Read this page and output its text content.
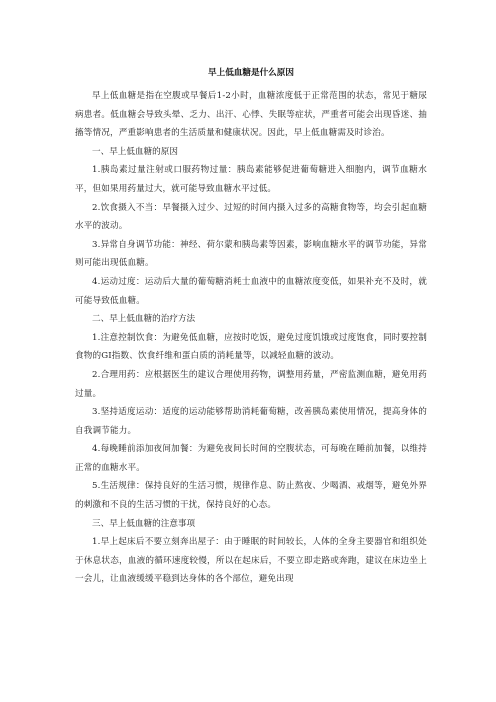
早上低血糖是什么原因

早上低血糖是指在空腹或早餐后1-2小时，血糖浓度低于正常范围的状态，常见于糖尿病患者。低血糖会导致头晕、乏力、出汗、心悸、失眠等症状，严重者可能会出现昏迷、抽搐等情况，严重影响患者的生活质量和健康状况。因此，早上低血糖需及时诊治。

一、早上低血糖的原因

1.胰岛素过量注射或口服药物过量：胰岛素能够促进葡萄糖进入细胞内，调节血糖水平，但如果用药量过大，就可能导致血糖水平过低。

2.饮食摄入不当：早餐摄入过少、过短的时间内摄入过多的高糖食物等，均会引起血糖水平的波动。

3.异常自身调节功能：神经、荷尔蒙和胰岛素等因素，影响血糖水平的调节功能，异常则可能出现低血糖。

4.运动过度：运动后大量的葡萄糖消耗士血液中的血糖浓度变低，如果补充不及时，就可能导致低血糖。

二、早上低血糖的治疗方法

1.注意控制饮食：为避免低血糖，应按时吃饭，避免过度饥饿或过度饱食，同时要控制食物的GI指数、饮食纤维和蛋白质的消耗量等，以减轻血糖的波动。

2.合理用药：应根据医生的建议合理使用药物，调整用药量，严密监测血糖，避免用药过量。

3.坚持适度运动：适度的运动能够帮助消耗葡萄糖，改善胰岛素使用情况，提高身体的自我调节能力。

4.每晚睡前添加夜间加餐：为避免夜间长时间的空腹状态，可每晚在睡前加餐，以维持正常的血糖水平。

5.生活规律：保持良好的生活习惯，规律作息、防止熬夜、少喝酒、戒烟等，避免外界的刺激和不良的生活习惯的干扰，保持良好的心态。

三、早上低血糖的注意事项

1.早上起床后不要立刻奔出屋子：由于睡眠的时间较长，人体的全身主要器官和组织处于休息状态，血液的循环速度较慢，所以在起床后，不要立即走路或奔跑，建议在床边坐上一会儿，让血液缓缓平稳到达身体的各个部位，避免出现
